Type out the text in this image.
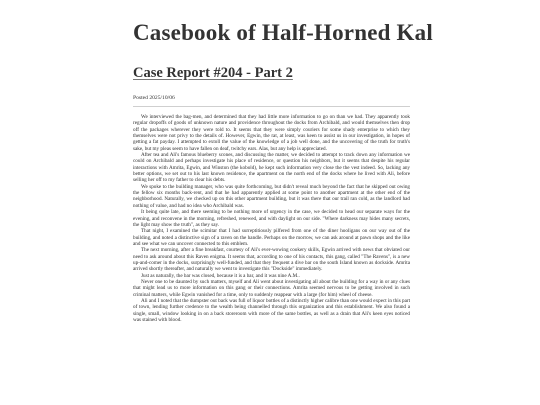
Casebook of Half-Horned Kal
Case Report #204 - Part 2
Posted 2025/10/06

We interviewed the bag-men, and determined that they had little more information to go on than we had. They apparently took regular dropoffs of goods of unknown nature and providence throughout the docks from Archibald, and would themselves then drop off the packages wherever they were told to. It seems that they were simply couriers for some shady enterprise to which they themselves were not privy to the details of. However, Egwin, the rat, at least, was keen to assist us in our investigation, in hopes of getting a fat payday. I attempted to extoll the value of the knowledge of a job well done, and the uncovering of the truth for truth's sake, but my pleas seem to have fallen on deaf, twitchy ears. Alas, but any help is appreciated.

After tea and Ali's famous blueberry scones, and discussing the matter, we decided to attempt to track down any information we could on Archibald and perhaps investigate his place of residence, or question his neighbors, but it seems that despite his regular interactions with Amrita, Egwin, and Winston (the kobold), he kept such information very close the the vest indeed. So, lacking any better options, we set out to his last known residence, the apartment on the north end of the docks where he lived with Ali, before selling her off to my father to clear his debts.

We spoke to the building manager, who was quite forthcoming, but didn't reveal much beyond the fact that he skipped out owing the fellow six months back-rent, and that he had apparently applied at some point to another apartment at the other end of the neighborhood. Naturally, we checked up on this other apartment building, but it was there that our trail ran cold, as the landlord had nothing of value, and had no idea who Archibald was.

It being quite late, and there seeming to be nothing more of urgency in the case, we decided to head our separate ways for the evening, and reconvene in the morning, refreshed, renewed, and with daylight on our side. "Where darkness may hides many secrets, the light may show the truth", as they say.

That night, I examined the scimitar that I had surreptitiously pilfered from one of the diner hooligans on our way out of the building, and noted a distinctive sign of a raven on the handle. Perhaps on the morrow, we can ask around at pawn shops and the like and see what we can uncover connected to this emblem.

The next morning, after a fine breakfast, courtesy of Ali's ever-wowing cookery skills, Egwin arrived with news that obviated our need to ask around about this Raven enigma. It seems that, according to one of his contacts, this gang, called "The Ravens", is a new up-and-comer in the docks, surprisingly well-funded, and that they frequent a dive bar on the south Island known as dockside. Amrita arrived shortly thereafter, and naturally we went to investigate this "Dockside" immediately.

Just as naturally, the bar was closed, because it is a bar, and it was nine A.M..

Never one to be daunted by such matters, myself and Ali went about investigating all about the building for a way in or any clues that might lead us to more information on this gang or their connections. Amrita seemed nervous to be getting involved in such criminal matters, while Egwin vanished for a time, only to suddenly reappear with a large (for him) wheel of cheese.

Ali and I noted that the dumpster out back was full of liquor bottles of a distinctly higher calibre than one would expect in this part of town, lending further credence to the wealth being channelled through this organization and this establishment. We also found a single, small, window looking in on a back storeroom with more of the same bottles, as well as a drain that Ali's keen eyes noticed was stained with blood.
